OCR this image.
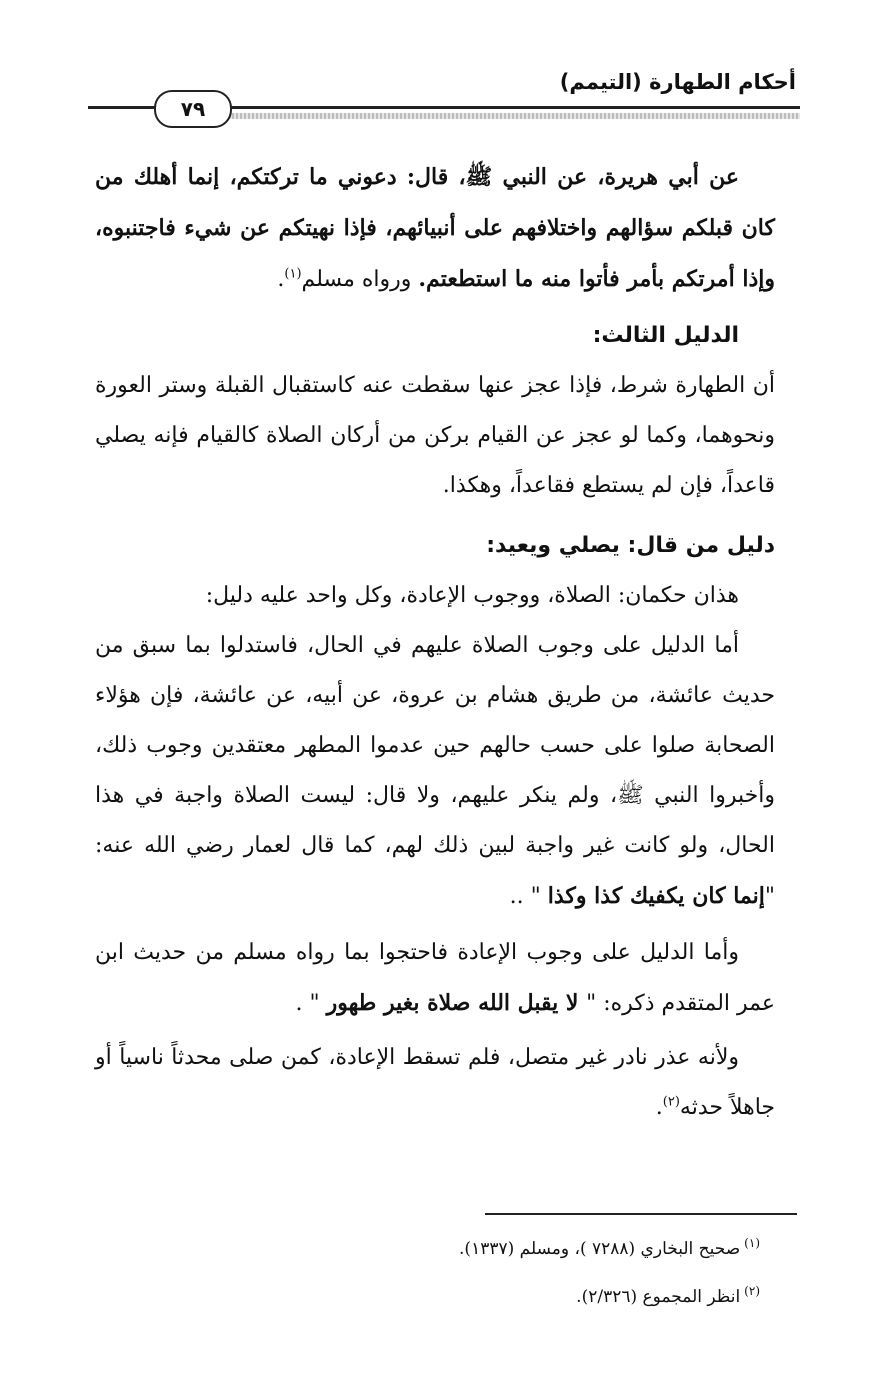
أحكام الطهارة (التيمم)
٧٩

عن أبي هريرة، عن النبي ﷺ، قال: دعوني ما تركتكم، إنما أهلك من كان قبلكم سؤالهم واختلافهم على أنبيائهم، فإذا نهيتكم عن شيء فاجتنبوه، وإذا أمرتكم بأمر فأتوا منه ما استطعتم. ورواه مسلم$^{(١)}$.

الدليل الثالث:

أن الطهارة شرط، فإذا عجز عنها سقطت عنه كاستقبال القبلة وستر العورة ونحوهما، وكما لو عجز عن القيام بركن من أركان الصلاة كالقيام فإنه يصلي قاعداً، فإن لم يستطع فقاعداً، وهكذا.

دليل من قال: يصلي ويعيد:

هذان حكمان: الصلاة، ووجوب الإعادة، وكل واحد عليه دليل:

أما الدليل على وجوب الصلاة عليهم في الحال، فاستدلوا بما سبق من حديث عائشة، من طريق هشام بن عروة، عن أبيه، عن عائشة، فإن هؤلاء الصحابة صلوا على حسب حالهم حين عدموا المطهر معتقدين وجوب ذلك، وأخبروا النبي ﷺ، ولم ينكر عليهم، ولا قال: ليست الصلاة واجبة في هذا الحال، ولو كانت غير واجبة لبين ذلك لهم، كما قال لعمار رضي الله عنه: "إنما كان يكفيك كذا وكذا " ..

وأما الدليل على وجوب الإعادة فاحتجوا بما رواه مسلم من حديث ابن عمر المتقدم ذكره: " لا يقبل الله صلاة بغير طهور " .

ولأنه عذر نادر غير متصل، فلم تسقط الإعادة، كمن صلى محدثاً ناسياً أو جاهلاً حدثه$^{(٢)}$.

$^{(١)}$صحيح البخاري (٧٢٨٨ )، ومسلم (١٣٣٧).
$^{(٢)}$انظر المجموع (٢/٣٢٦).
